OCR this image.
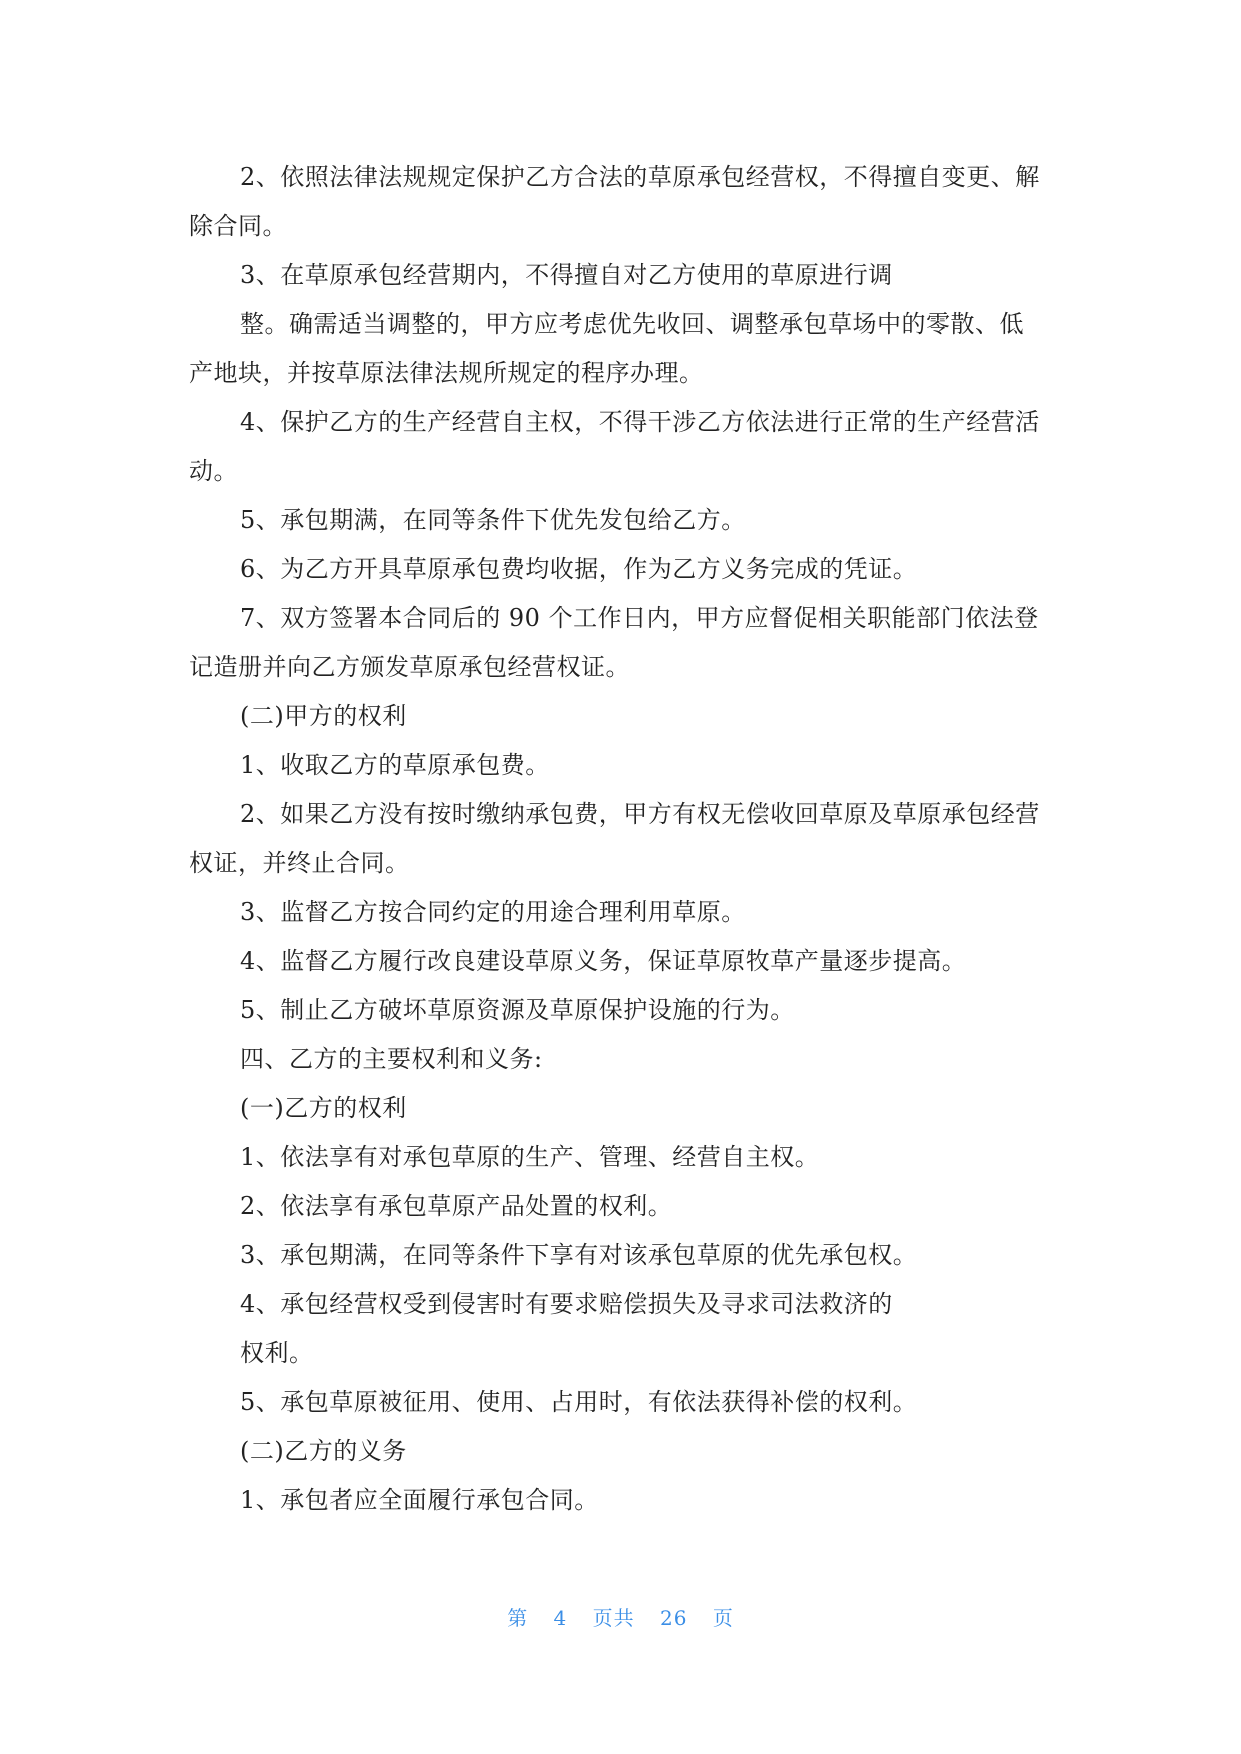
2、依照法律法规规定保护乙方合法的草原承包经营权，不得擅自变更、解
除合同。
3、在草原承包经营期内，不得擅自对乙方使用的草原进行调
整。确需适当调整的，甲方应考虑优先收回、调整承包草场中的零散、低
产地块，并按草原法律法规所规定的程序办理。
4、保护乙方的生产经营自主权，不得干涉乙方依法进行正常的生产经营活
动。
5、承包期满，在同等条件下优先发包给乙方。
6、为乙方开具草原承包费均收据，作为乙方义务完成的凭证。
7、双方签署本合同后的 90 个工作日内，甲方应督促相关职能部门依法登
记造册并向乙方颁发草原承包经营权证。
(二)甲方的权利
1、收取乙方的草原承包费。
2、如果乙方没有按时缴纳承包费，甲方有权无偿收回草原及草原承包经营
权证，并终止合同。
3、监督乙方按合同约定的用途合理利用草原。
4、监督乙方履行改良建设草原义务，保证草原牧草产量逐步提高。
5、制止乙方破坏草原资源及草原保护设施的行为。
四、乙方的主要权利和义务:
(一)乙方的权利
1、依法享有对承包草原的生产、管理、经营自主权。
2、依法享有承包草原产品处置的权利。
3、承包期满，在同等条件下享有对该承包草原的优先承包权。
4、承包经营权受到侵害时有要求赔偿损失及寻求司法救济的
权利。
5、承包草原被征用、使用、占用时，有依法获得补偿的权利。
(二)乙方的义务
1、承包者应全面履行承包合同。
第 4 页共 26 页
